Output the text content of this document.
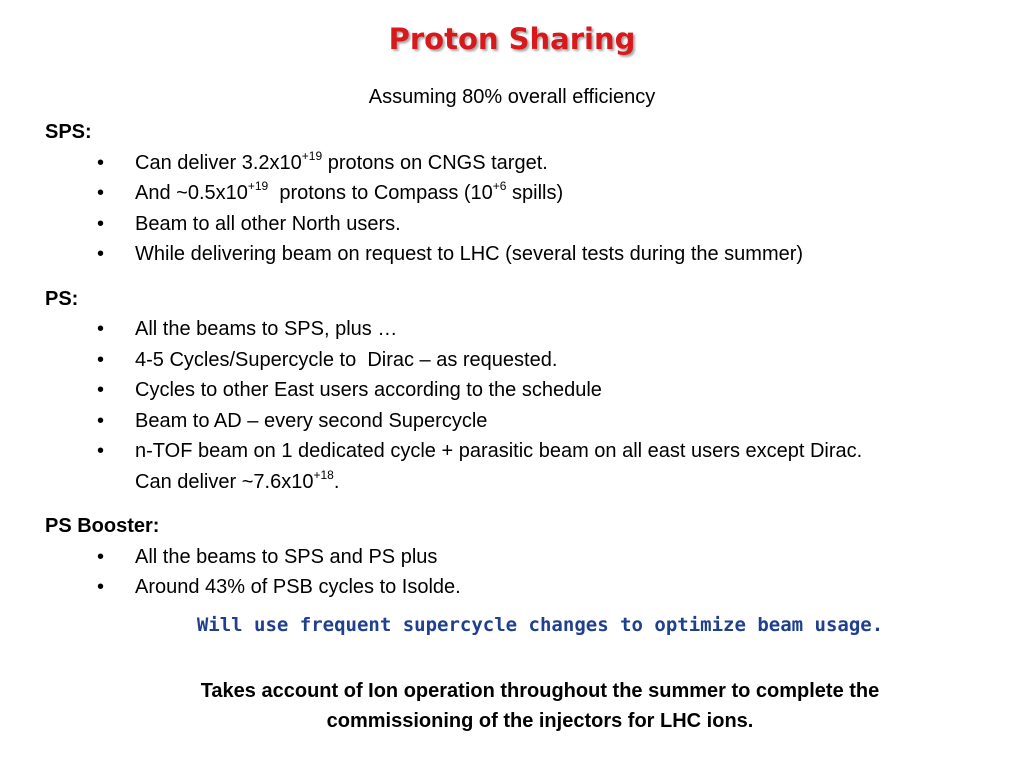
Proton Sharing
Assuming 80% overall efficiency

SPS:

• Can deliver $3.2x10^{+19}$ protons on CNGS target.
• And $\sim 0.5x10^{+19}$  protons to Compass ($10^{+6}$ spills)
• Beam to all other North users.
• While delivering beam on request to LHC (several tests during the summer)

PS:

• All the beams to SPS, plus …
• 4-5 Cycles/Supercycle to  Dirac – as requested.
• Cycles to other East users according to the schedule
• Beam to AD – every second Supercycle
• n-TOF beam on 1 dedicated cycle + parasitic beam on all east users except Dirac.
Can deliver $\sim 7.6x10^{+18}$.

PS Booster:

• All the beams to SPS and PS plus
• Around 43% of PSB cycles to Isolde.
Will use frequent supercycle changes to optimize beam usage.
Takes account of Ion operation throughout the summer to complete the
commissioning of the injectors for LHC ions.
